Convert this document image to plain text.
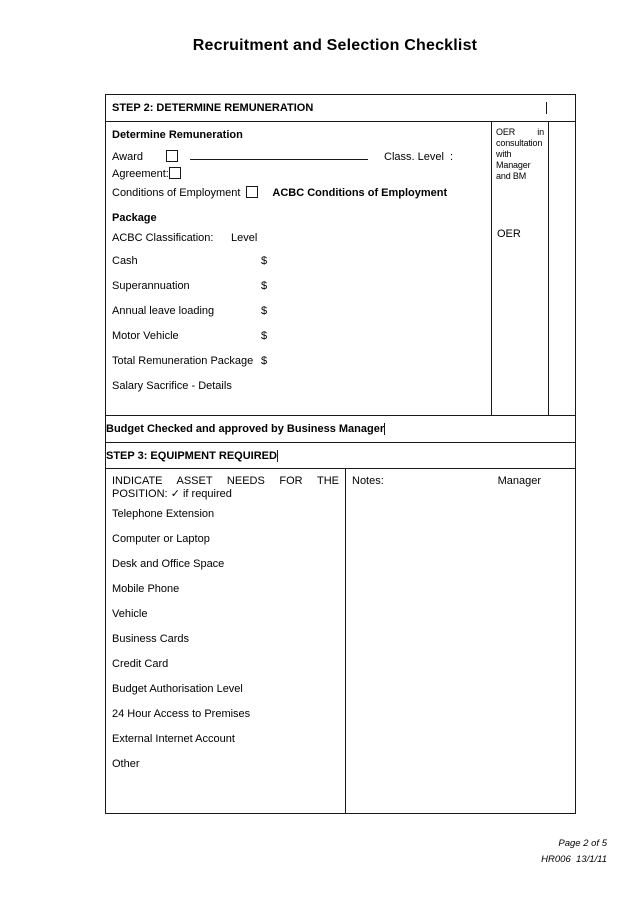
Recruitment and Selection Checklist
STEP 2: DETERMINE REMUNERATION
Determine Remuneration
Award	Class. Level  :
Agreement:
Conditions of Employment	ACBC Conditions of Employment
Package
ACBC Classification: Level
Cash	$
Superannuation	$
Annual leave loading	$
Motor Vehicle	$
Total Remuneration Package $
Salary Sacrifice - Details
OER in consultation with Manager and BM
OER
Budget Checked and approved by Business Manager
STEP 3: EQUIPMENT REQUIRED

INDICATE ASSET NEEDS FOR THE POSITION: ✓ if required

Telephone Extension
Computer or Laptop
Desk and Office Space
Mobile Phone
Vehicle
Business Cards
Credit Card
Budget Authorisation Level
24 Hour Access to Premises
External Internet Account
Other
Notes:	Manager
Page 2 of 5
HR006  13/1/11
